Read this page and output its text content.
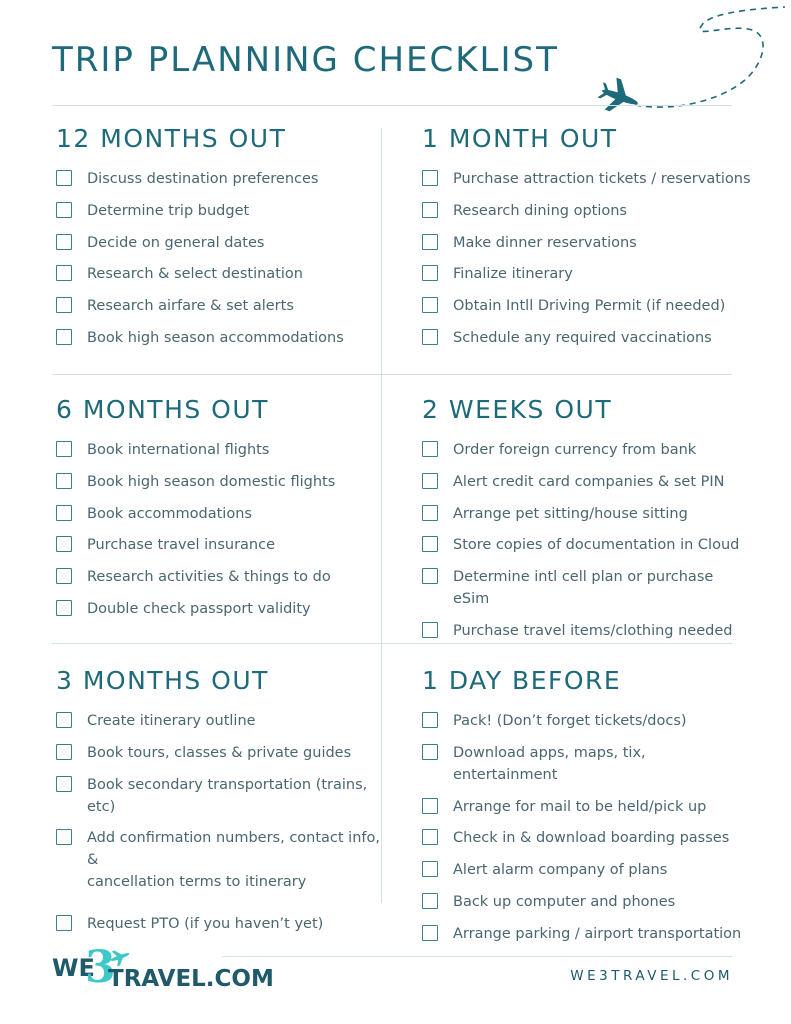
TRIP PLANNING CHECKLIST
12 MONTHS OUT
Discuss destination preferences
Determine trip budget
Decide on general dates
Research & select destination
Research airfare & set alerts
Book high season accommodations
1 MONTH OUT
Purchase attraction tickets / reservations
Research dining options
Make dinner reservations
Finalize itinerary
Obtain Intll Driving Permit (if needed)
Schedule any required vaccinations
6 MONTHS OUT
Book international flights
Book high season domestic flights
Book accommodations
Purchase travel insurance
Research activities & things to do
Double check passport validity
2 WEEKS OUT
Order foreign currency from bank
Alert credit card companies & set PIN
Arrange pet sitting/house sitting
Store copies of documentation in Cloud
Determine intl cell plan or purchase eSim
Purchase travel items/clothing needed
3 MONTHS OUT
Create itinerary outline
Book tours, classes & private guides
Book secondary transportation (trains, etc)
Add confirmation numbers, contact info, &
cancellation terms to itinerary
Request PTO (if you haven’t yet)
1 DAY BEFORE
Pack! (Don’t forget tickets/docs)
Download apps, maps, tix, entertainment
Arrange for mail to be held/pick up
Check in & download boarding passes
Alert alarm company of plans
Back up computer and phones
Arrange parking / airport transportation
WE
3
TRAVEL.COM	WE3TRAVEL.COM
